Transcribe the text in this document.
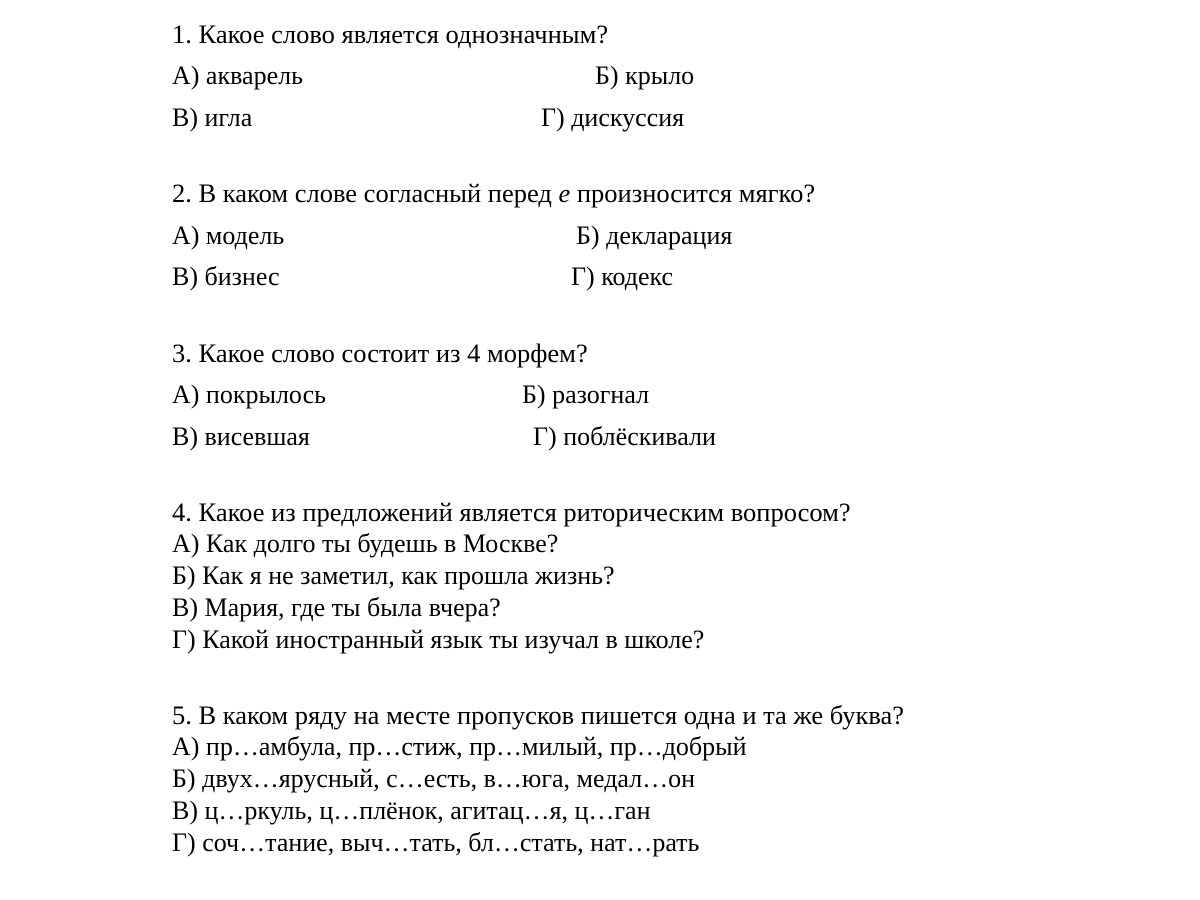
1. Какое слово является однозначным?
А) акварель	Б) крыло
В) игла	Г) дискуссия
2. В каком слове согласный перед е произносится мягко?
А) модель	Б) декларация
В) бизнес	Г) кодекс
3. Какое слово состоит из 4 морфем?
А) покрылось	Б) разогнал
В) висевшая	Г) поблёскивали
4. Какое из предложений является риторическим вопросом?
А) Как долго ты будешь в Москве?
Б) Как я не заметил, как прошла жизнь?
В) Мария, где ты была вчера?
Г) Какой иностранный язык ты изучал в школе?
5. В каком ряду на месте пропусков пишется одна и та же буква?
А) пр…амбула, пр…стиж, пр…милый, пр…добрый
Б) двух…ярусный, с…есть, в…юга, медал…он
В) ц…ркуль, ц…плёнок, агитац…я, ц…ган
Г) соч…тание, выч…тать, бл…стать, нат…рать
